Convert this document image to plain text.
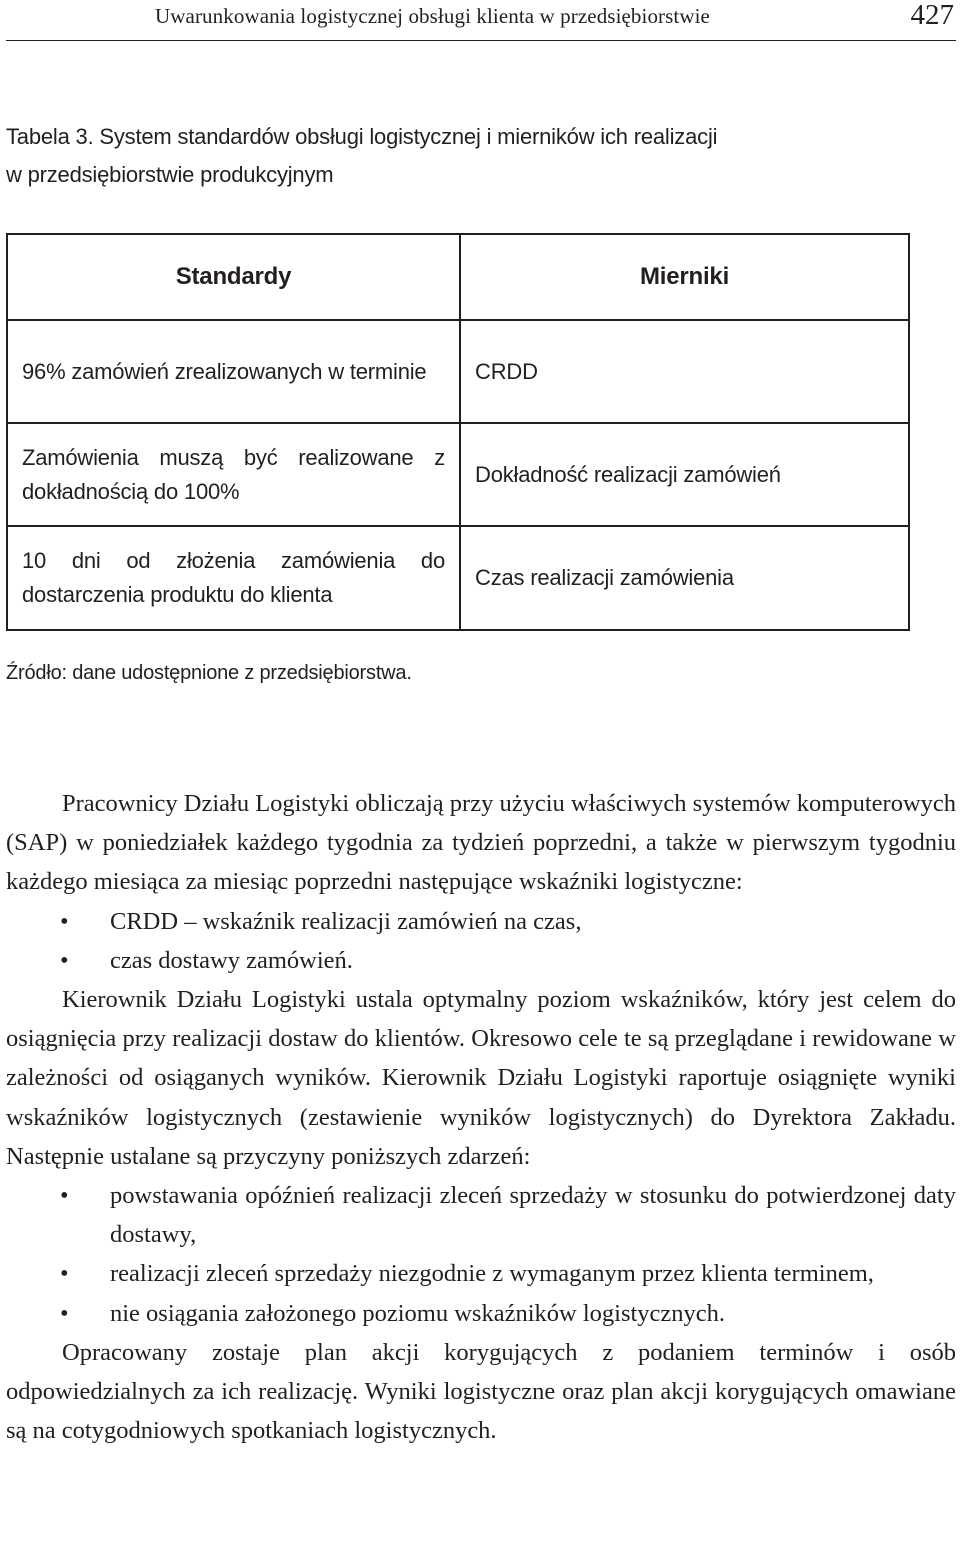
Uwarunkowania logistycznej obsługi klienta w przedsiębiorstwie	427
Tabela 3. System standardów obsługi logistycznej i mierników ich realizacji
w przedsiębiorstwie produkcyjnym
Standardy	Mierniki
96% zamówień zrealizowanych w terminie	CRDD
Zamówienia muszą być realizowane z dokładnością do 100%	Dokładność realizacji zamówień
10 dni od złożenia zamówienia do dostarczenia produktu do klienta	Czas realizacji zamówienia
Źródło: dane udostępnione z przedsiębiorstwa.

Pracownicy Działu Logistyki obliczają przy użyciu właściwych systemów komputerowych (SAP) w poniedziałek każdego tygodnia za tydzień poprzedni, a także w pierwszym tygodniu każdego miesiąca za miesiąc poprzedni następujące wskaźniki logistyczne:

• CRDD – wskaźnik realizacji zamówień na czas,
• czas dostawy zamówień.

Kierownik Działu Logistyki ustala optymalny poziom wskaźników, który jest celem do osiągnięcia przy realizacji dostaw do klientów. Okresowo cele te są przeglądane i rewidowane w zależności od osiąganych wyników. Kierownik Działu Logistyki raportuje osiągnięte wyniki wskaźników logistycznych (zestawienie wyników logistycznych) do Dyrektora Zakładu. Następnie ustalane są przyczyny poniższych zdarzeń:

• powstawania opóźnień realizacji zleceń sprzedaży w stosunku do potwierdzonej daty dostawy,
• realizacji zleceń sprzedaży niezgodnie z wymaganym przez klienta terminem,
• nie osiągania założonego poziomu wskaźników logistycznych.

Opracowany zostaje plan akcji korygujących z podaniem terminów i osób odpowiedzialnych za ich realizację. Wyniki logistyczne oraz plan akcji korygujących omawiane są na cotygodniowych spotkaniach logistycznych.
